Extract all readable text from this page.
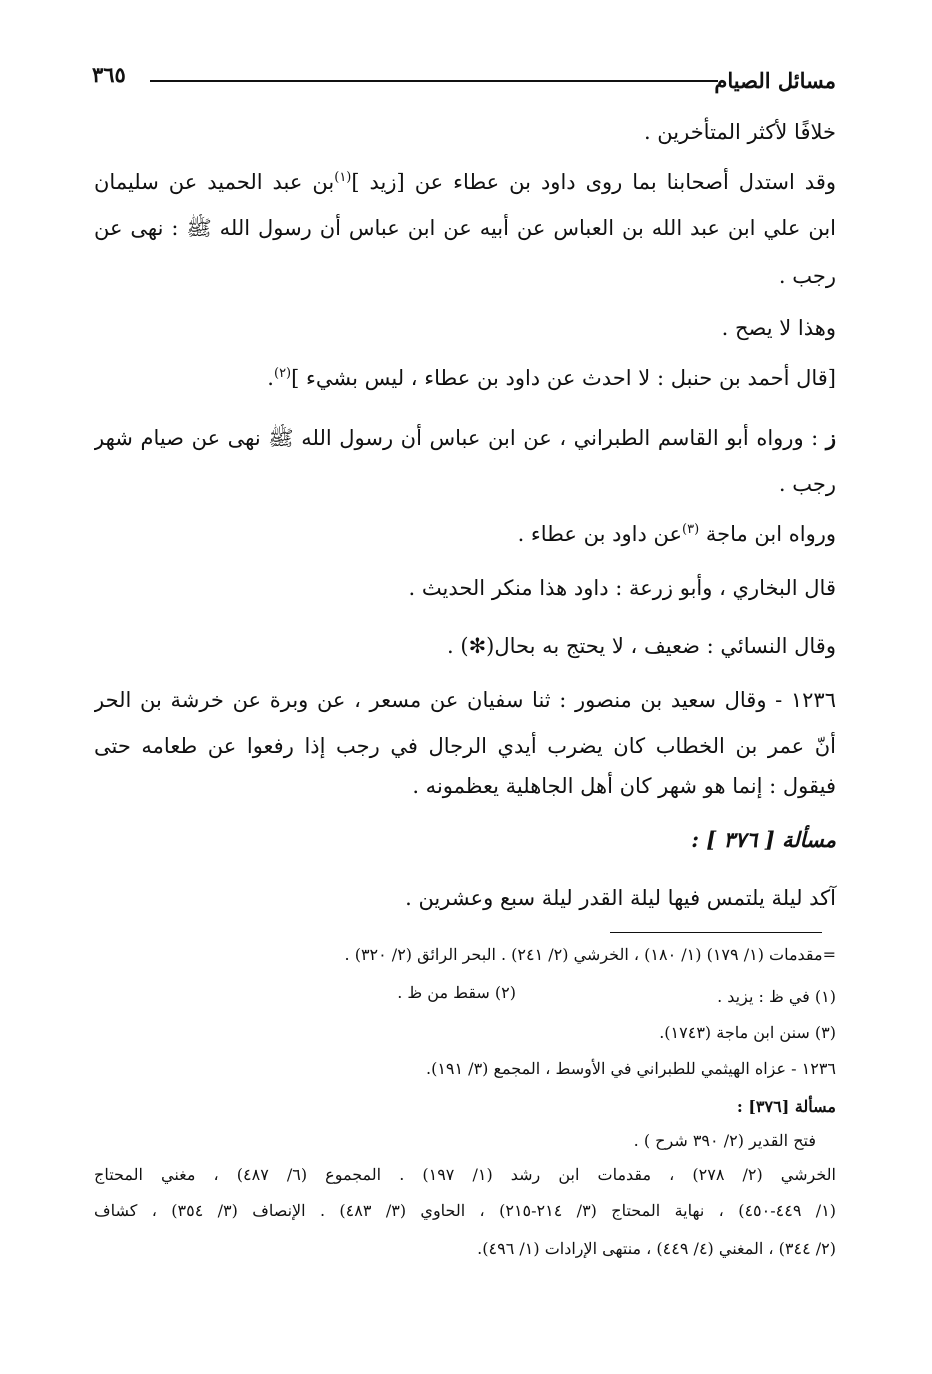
مسائل الصيام
٣٦٥
خلافًا لأكثر المتأخرين .
وقد استدل أصحابنا بما روى داود بن عطاء عن [زيد ]$^{(١)}$بن عبد الحميد عن سليمان
ابن علي ابن عبد الله بن العباس عن أبيه عن ابن عباس أن رسول الله ﷺ : نهى عن
رجب .
وهذا لا يصح .
[قال أحمد بن حنبل : لا احدث عن داود بن عطاء ، ليس بشيء ]$^{(٢)}$.
ز : ورواه أبو القاسم الطبراني ، عن ابن عباس أن رسول الله ﷺ نهى عن صيام شهر
رجب .
ورواه ابن ماجة $^{(٣)}$عن داود بن عطاء .
قال البخاري ، وأبو زرعة : داود هذا منكر الحديث .
وقال النسائي : ضعيف ، لا يحتج به بحال(✻) .
١٢٣٦ - وقال سعيد بن منصور : ثنا سفيان عن مسعر ، عن وبرة عن خرشة بن الحر
أنّ عمر بن الخطاب كان يضرب أيدي الرجال في رجب إذا رفعوا عن طعامه حتى
فيقول : إنما هو شهر كان أهل الجاهلية يعظمونه .
مسألة [ ٣٧٦ ] :
آكد ليلة يلتمس فيها ليلة القدر ليلة سبع وعشرين .
=مقدمات (١/ ١٧٩) (١/ ١٨٠) ، الخرشي (٢/ ٢٤١) . البحر الرائق (٢/ ٣٢٠) .
(١) في ظ : يزيد .
(٢) سقط من ظ .
(٣) سنن ابن ماجة (١٧٤٣).
١٢٣٦ - عزاه الهيثمي للطبراني في الأوسط ، المجمع (٣/ ١٩١).
مسألة [٣٧٦] :
فتح القدير (٢/ ٣٩٠ شرح ) .
الخرشي (٢/ ٢٧٨) ، مقدمات ابن رشد (١/ ١٩٧) . المجموع (٦/ ٤٨٧) ، مغني المحتاج
(١/ ٤٤٩-٤٥٠) ، نهاية المحتاج (٣/ ٢١٤-٢١٥) ، الحاوي (٣/ ٤٨٣) . الإنصاف (٣/ ٣٥٤) ، كشاف
(٢/ ٣٤٤) ، المغني (٤/ ٤٤٩) ، منتهى الإرادات (١/ ٤٩٦).
